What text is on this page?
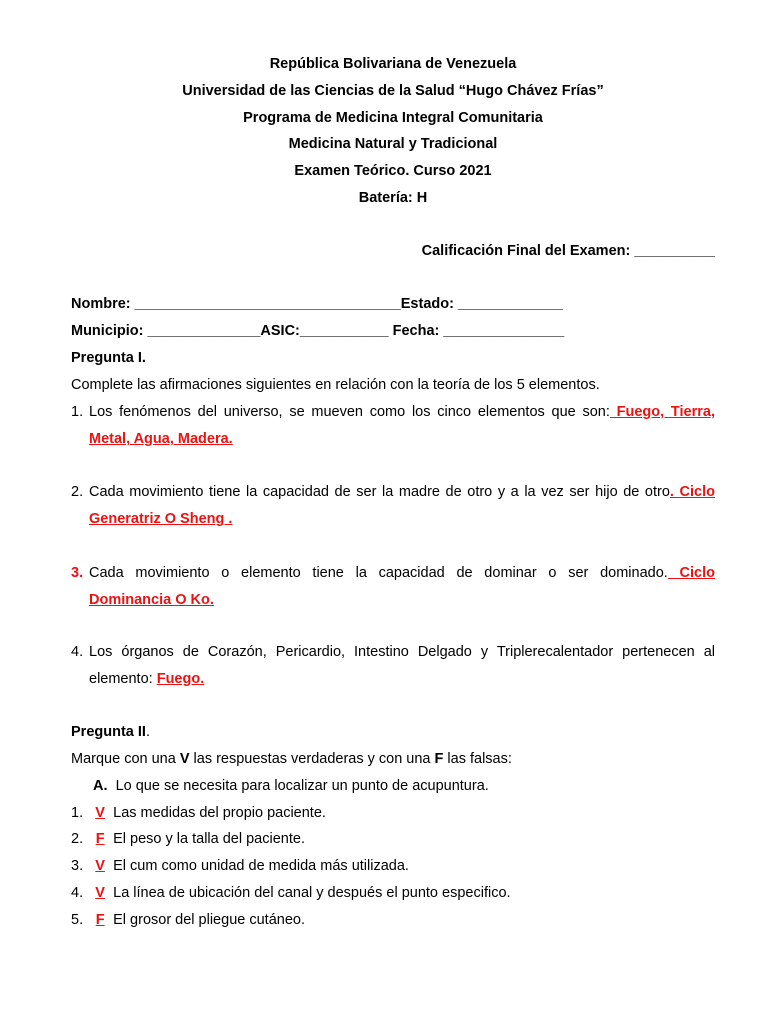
República Bolivariana de Venezuela
Universidad de las Ciencias de la Salud “Hugo Chávez Frías”
Programa de Medicina Integral Comunitaria
Medicina Natural y Tradicional
Examen Teórico. Curso 2021
Batería: H
Calificación Final del Examen: __________
Nombre: _________________________________Estado: _____________
Municipio: ______________ASIC:___________ Fecha: _______________
Pregunta I.
Complete las afirmaciones siguientes en relación con la teoría de los 5 elementos.
1. Los fenómenos del universo, se mueven como los cinco elementos que son: Fuego, Tierra,
Metal, Agua, Madera.
2. Cada movimiento tiene la capacidad de ser la madre de otro y a la vez ser hijo de otro. Ciclo
Generatriz O Sheng .
3. Cada movimiento o elemento tiene la capacidad de dominar o ser dominado. Ciclo
Dominancia O Ko.
4. Los órganos de Corazón, Pericardio, Intestino Delgado y Triplerecalentador pertenecen al
elemento: Fuego.
Pregunta II.
Marque con una V las respuestas verdaderas y con una F las falsas:
A. Lo que se necesita para localizar un punto de acupuntura.
1. V Las medidas del propio paciente.
2. F El peso y la talla del paciente.
3. V El cum como unidad de medida más utilizada.
4. V La línea de ubicación del canal y después el punto especifico.
5. F El grosor del pliegue cutáneo.
